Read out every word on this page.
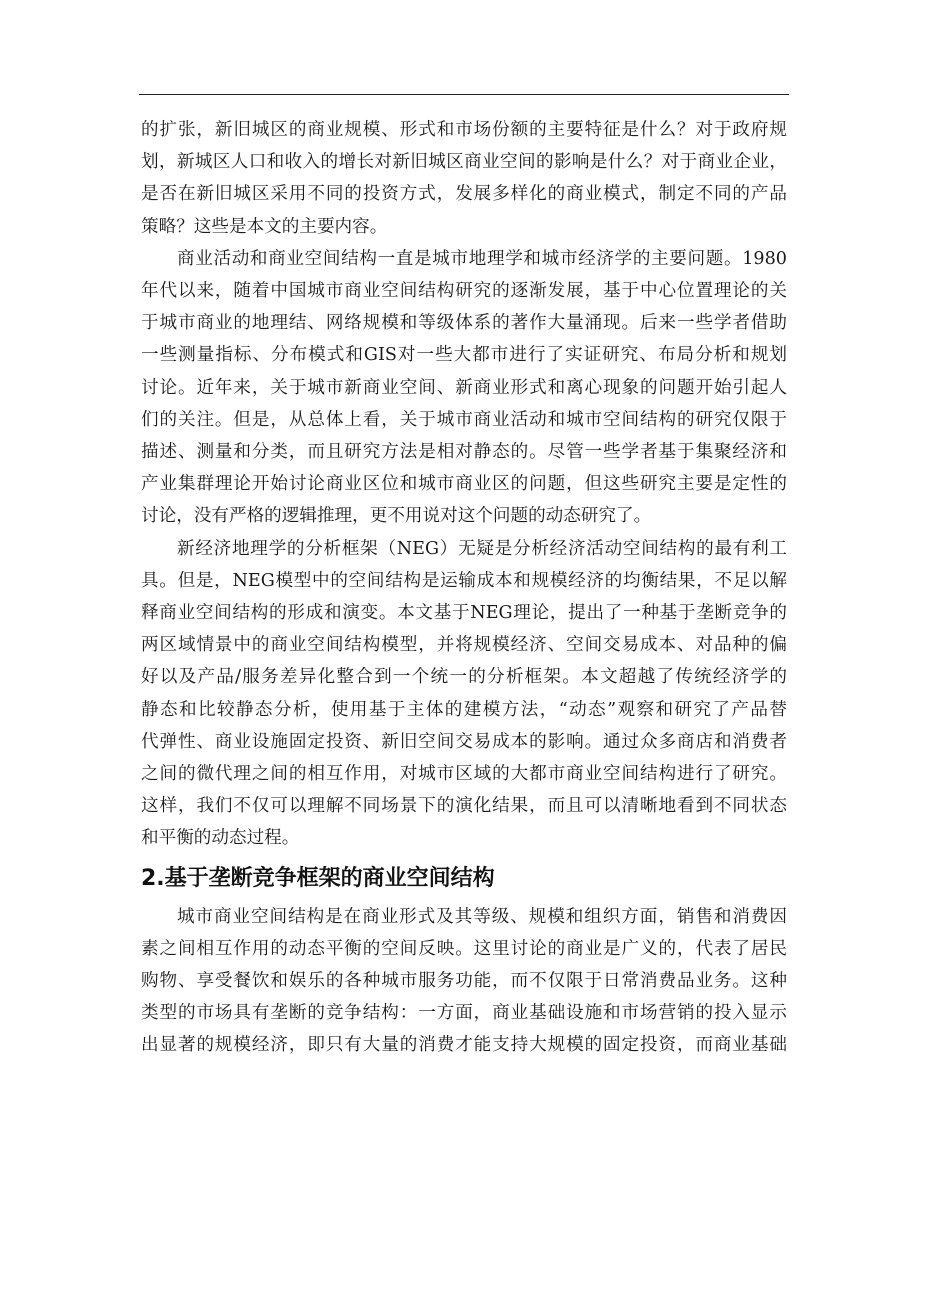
的扩张，新旧城区的商业规模、形式和市场份额的主要特征是什么？对于政府规
划，新城区人口和收入的增长对新旧城区商业空间的影响是什么？对于商业企业，
是否在新旧城区采用不同的投资方式，发展多样化的商业模式，制定不同的产品
策略？这些是本文的主要内容。

商业活动和商业空间结构一直是城市地理学和城市经济学的主要问题。1980
年代以来，随着中国城市商业空间结构研究的逐渐发展，基于中心位置理论的关
于城市商业的地理结、网络规模和等级体系的著作大量涌现。后来一些学者借助
一些测量指标、分布模式和GIS对一些大都市进行了实证研究、布局分析和规划
讨论。近年来，关于城市新商业空间、新商业形式和离心现象的问题开始引起人
们的关注。但是，从总体上看，关于城市商业活动和城市空间结构的研究仅限于
描述、测量和分类，而且研究方法是相对静态的。尽管一些学者基于集聚经济和
产业集群理论开始讨论商业区位和城市商业区的问题，但这些研究主要是定性的
讨论，没有严格的逻辑推理，更不用说对这个问题的动态研究了。

新经济地理学的分析框架（NEG）无疑是分析经济活动空间结构的最有利工
具。但是，NEG模型中的空间结构是运输成本和规模经济的均衡结果，不足以解
释商业空间结构的形成和演变。本文基于NEG理论，提出了一种基于垄断竞争的
两区域情景中的商业空间结构模型，并将规模经济、空间交易成本、对品种的偏
好以及产品/服务差异化整合到一个统一的分析框架。本文超越了传统经济学的
静态和比较静态分析，使用基于主体的建模方法，“动态”观察和研究了产品替
代弹性、商业设施固定投资、新旧空间交易成本的影响。通过众多商店和消费者
之间的微代理之间的相互作用，对城市区域的大都市商业空间结构进行了研究。
这样，我们不仅可以理解不同场景下的演化结果，而且可以清晰地看到不同状态
和平衡的动态过程。

2.基于垄断竞争框架的商业空间结构

城市商业空间结构是在商业形式及其等级、规模和组织方面，销售和消费因
素之间相互作用的动态平衡的空间反映。这里讨论的商业是广义的，代表了居民
购物、享受餐饮和娱乐的各种城市服务功能，而不仅限于日常消费品业务。这种
类型的市场具有垄断的竞争结构：一方面，商业基础设施和市场营销的投入显示
出显著的规模经济，即只有大量的消费才能支持大规模的固定投资，而商业基础
